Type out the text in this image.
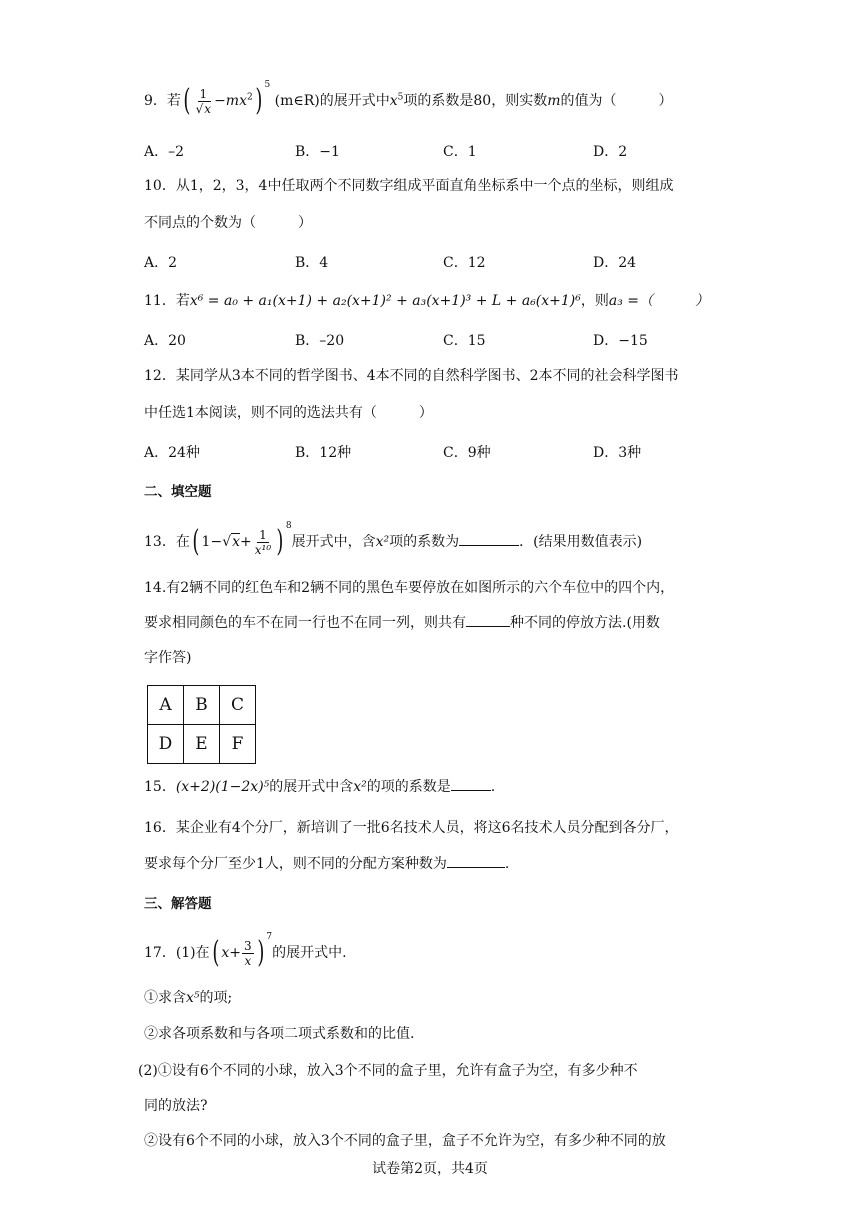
9．若( $\frac{1}{√x} -mx^2$) $^5$ (m∈R)的展开式中$x^5$项的系数是80，则实数m的值为（　　　）
A．–2	B．−1	C．1	D．2
10．从1，2，3，4中任取两个不同数字组成平面直角坐标系中一个点的坐标，则组成
不同点的个数为（　　　）
A．2	B．4	C．12	D．24
11．若x⁶ = a₀ + a₁(x+1) + a₂(x+1)² + a₃(x+1)³ + L + a₆(x+1)⁶，则a₃ =（　　　）
A．20	B．–20	C．15	D．−15
12．某同学从3本不同的哲学图书、4本不同的自然科学图书、2本不同的社会科学图书
中任选1本阅读，则不同的选法共有（　　　）
A．24种	B．12种	C．9种	D．3种
二、填空题
13．在( $1-√x+ \frac{1}{\text{x¹⁰}}$ ) $^8$展开式中，含x²项的系数为	．(结果用数值表示)
14.有2辆不同的红色车和2辆不同的黑色车要停放在如图所示的六个车位中的四个内，
要求相同颜色的车不在同一行也不在同一列，则共有	种不同的停放方法.(用数
字作答)
A	B	C
D	E	F
15．(x+2)(1−2x)⁵的展开式中含x²的项的系数是	.
16．某企业有4个分厂，新培训了一批6名技术人员，将这6名技术人员分配到各分厂，
要求每个分厂至少1人，则不同的分配方案种数为	.
三、解答题
17．(1)在( $x+ \frac{3}{x}$ ) $^7$的展开式中.
①求含x⁵的项;
②求各项系数和与各项二项式系数和的比值.
(2)①设有6个不同的小球，放入3个不同的盒子里，允许有盒子为空，有多少种不
同的放法?
②设有6个不同的小球，放入3个不同的盒子里，盒子不允许为空，有多少种不同的放
试卷第2页，共4页
